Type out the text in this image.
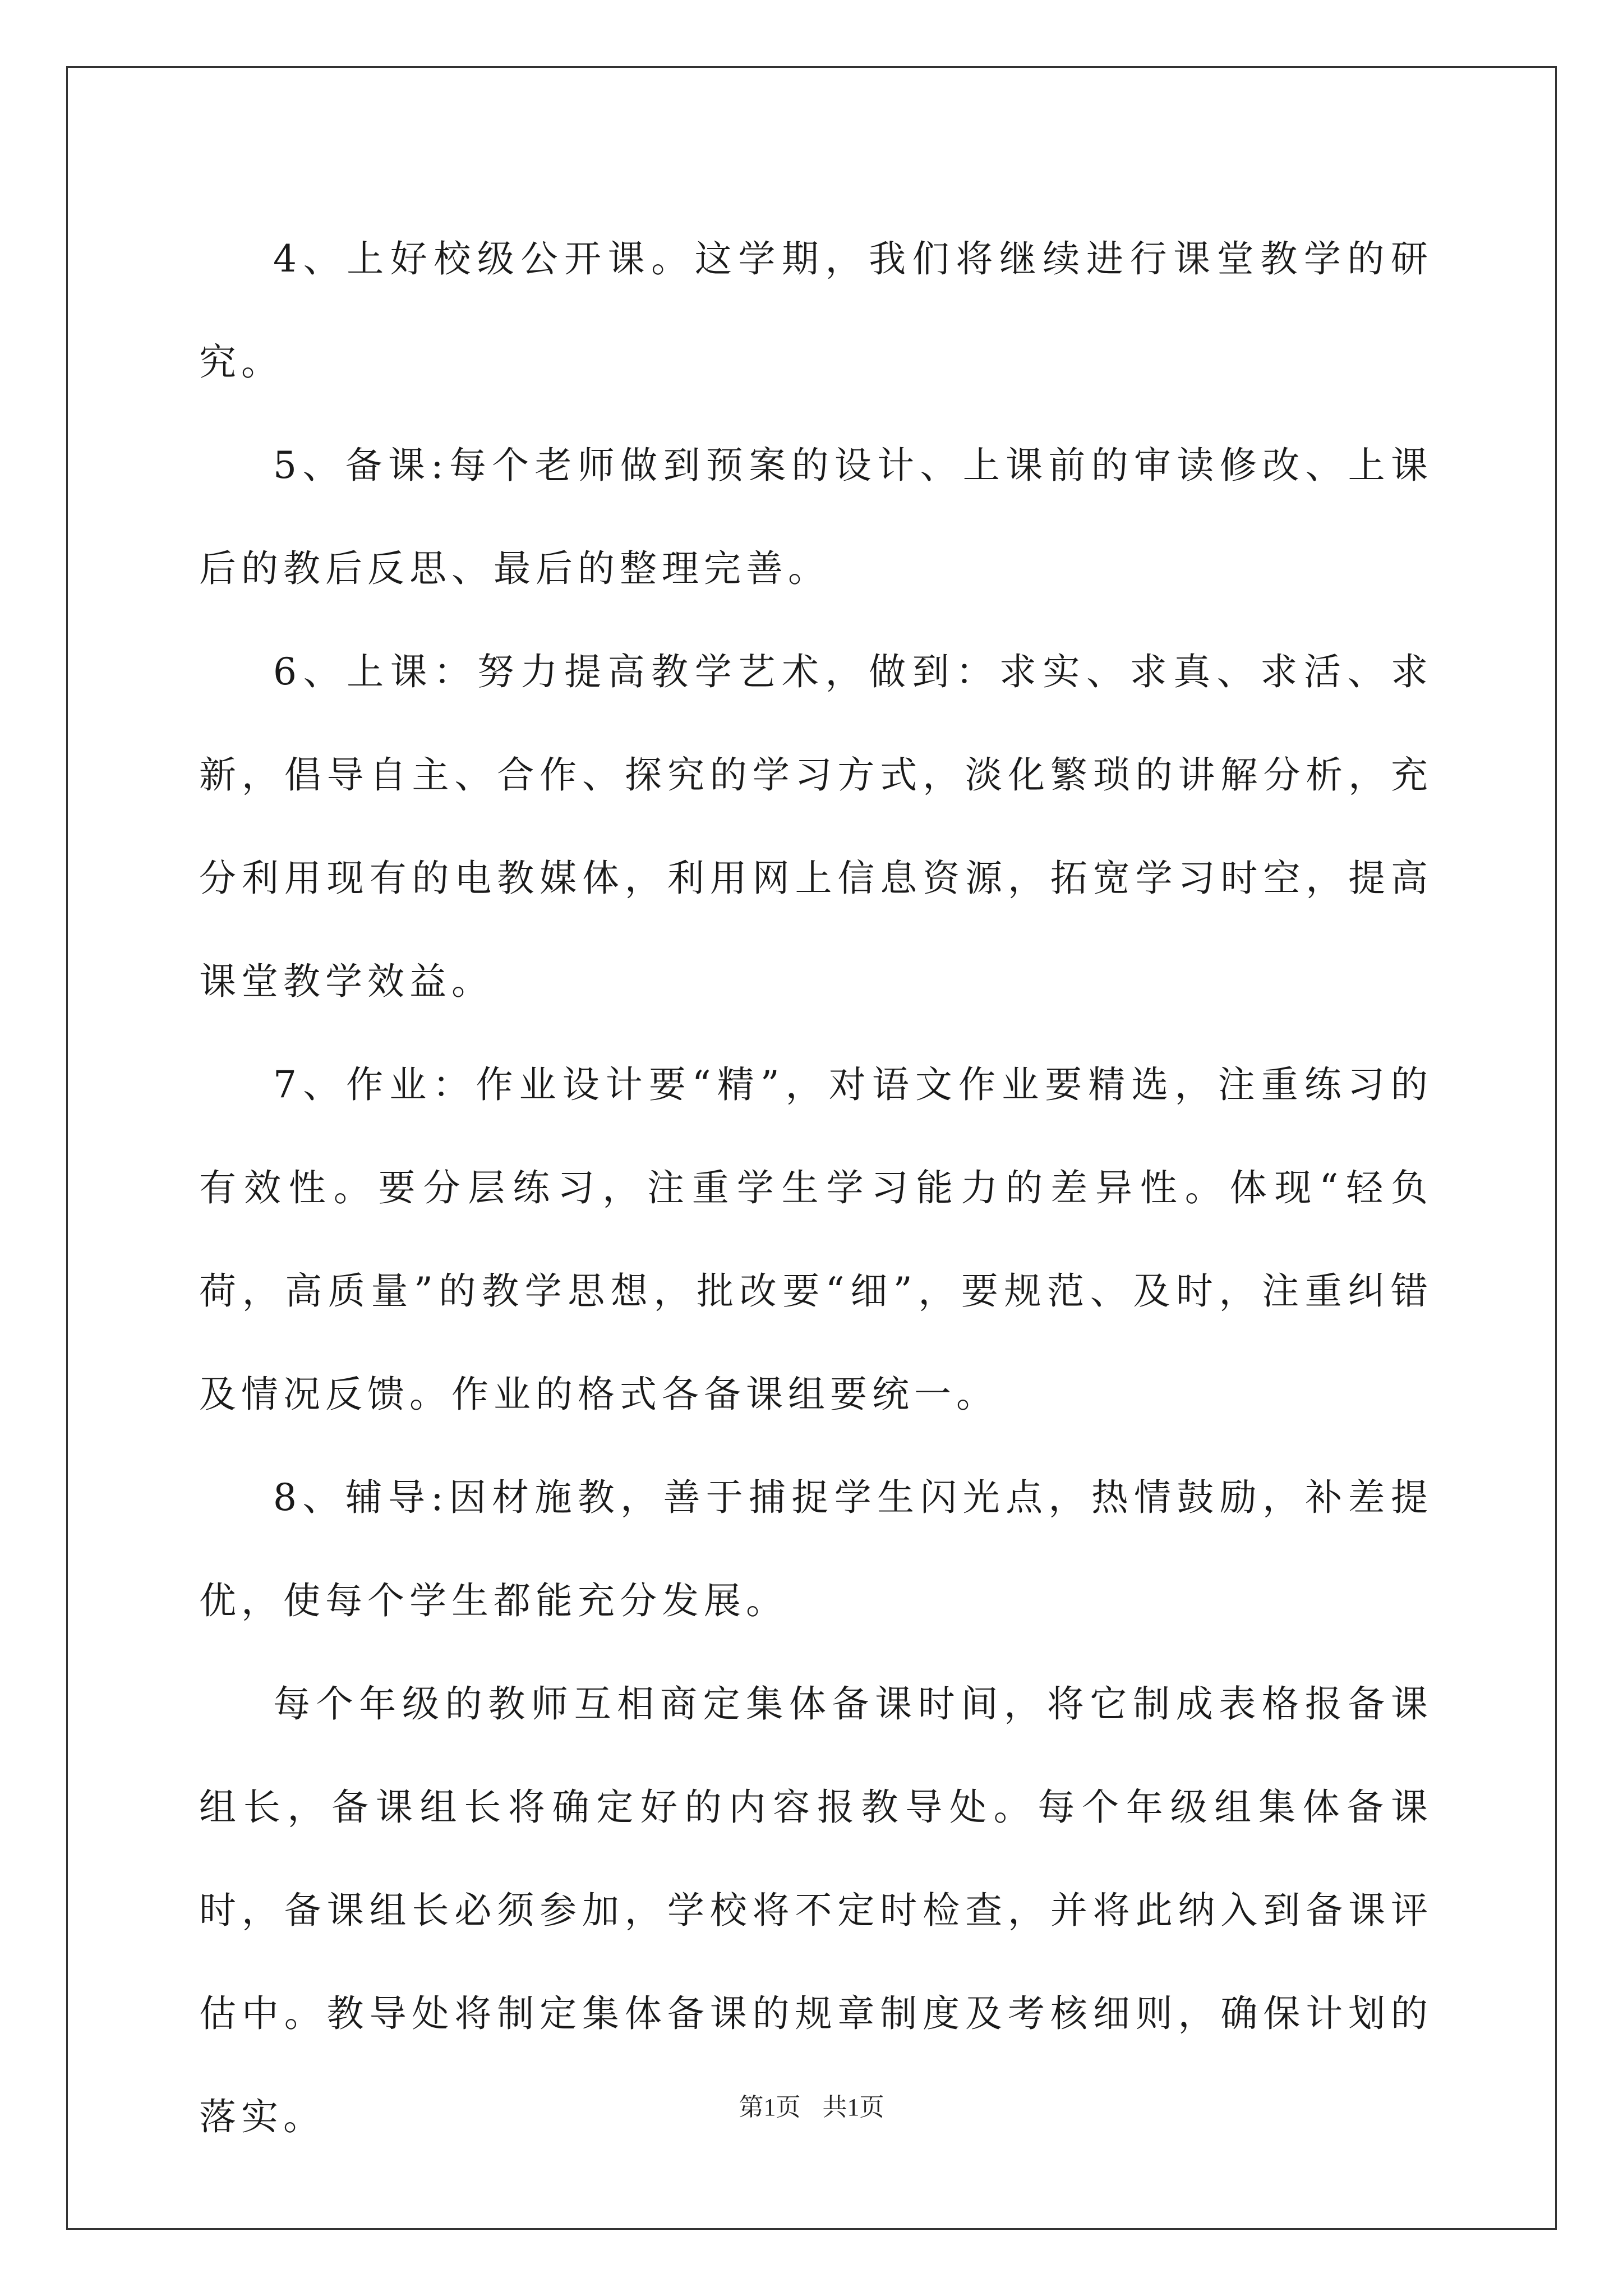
4、上好校级公开课。这学期，我们将继续进行课堂教学的研究。

5、备课:每个老师做到预案的设计、上课前的审读修改、上课后的教后反思、最后的整理完善。

6、上课：努力提高教学艺术，做到：求实、求真、求活、求新，倡导自主、合作、探究的学习方式，淡化繁琐的讲解分析，充分利用现有的电教媒体，利用网上信息资源，拓宽学习时空，提高课堂教学效益。

7、作业：作业设计要“精”，对语文作业要精选，注重练习的有效性。要分层练习，注重学生学习能力的差异性。体现“轻负荷，高质量”的教学思想，批改要“细”，要规范、及时，注重纠错及情况反馈。作业的格式各备课组要统一。

8、辅导:因材施教，善于捕捉学生闪光点，热情鼓励，补差提优，使每个学生都能充分发展。

每个年级的教师互相商定集体备课时间，将它制成表格报备课组长，备课组长将确定好的内容报教导处。每个年级组集体备课时，备课组长必须参加，学校将不定时检查，并将此纳入到备课评估中。教导处将制定集体备课的规章制度及考核细则，确保计划的落实。	第1页 共1页
